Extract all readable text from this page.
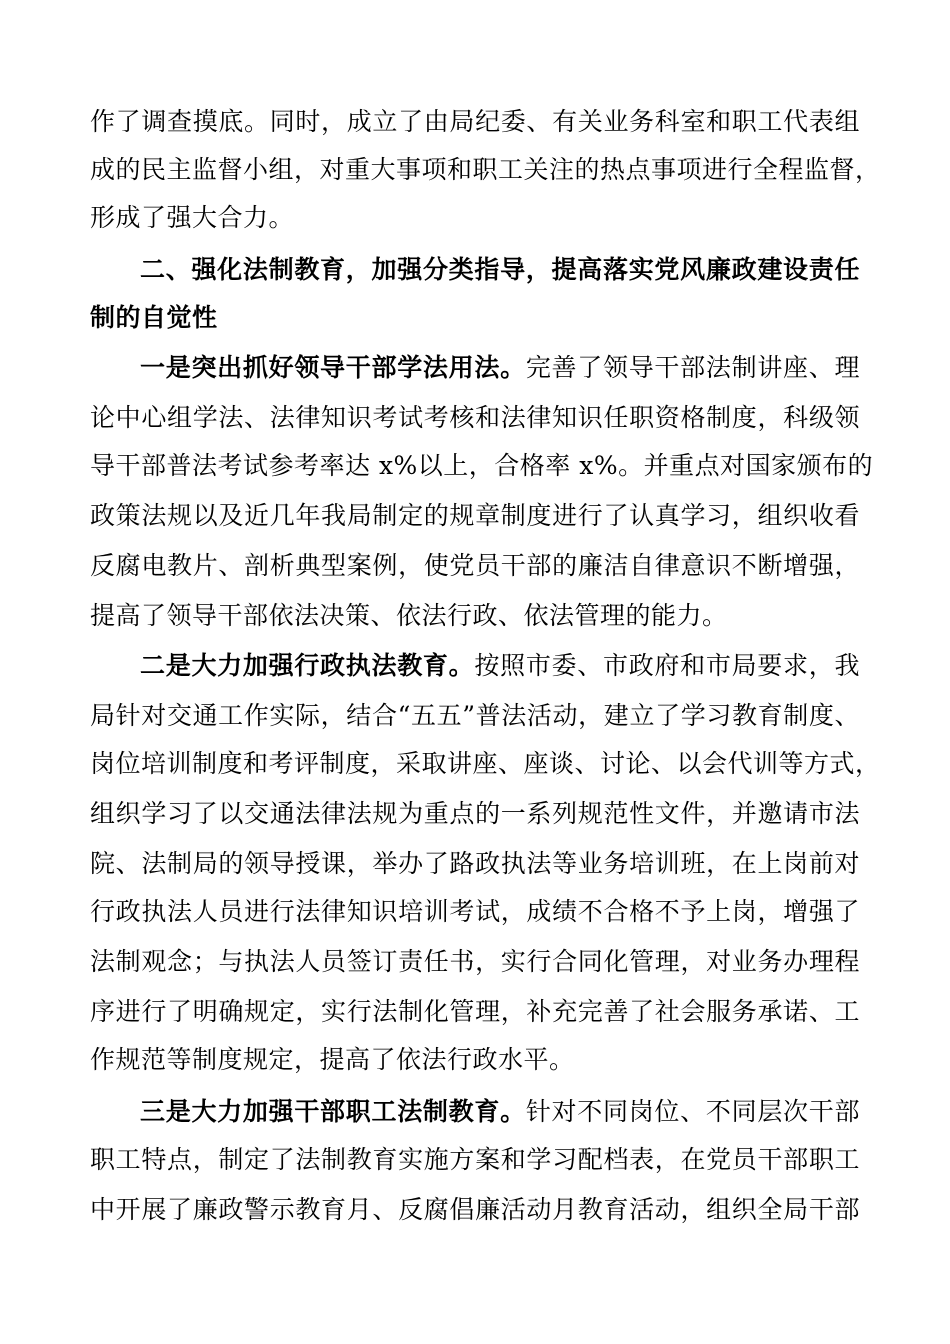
作了调查摸底。同时，成立了由局纪委、有关业务科室和职工代表组
成的民主监督小组，对重大事项和职工关注的热点事项进行全程监督，
形成了强大合力。
二、强化法制教育，加强分类指导，提高落实党风廉政建设责任
制的自觉性
一是突出抓好领导干部学法用法。完善了领导干部法制讲座、理
论中心组学法、法律知识考试考核和法律知识任职资格制度，科级领
导干部普法考试参考率达 x%以上，合格率 x%。并重点对国家颁布的
政策法规以及近几年我局制定的规章制度进行了认真学习，组织收看
反腐电教片、剖析典型案例，使党员干部的廉洁自律意识不断增强，
提高了领导干部依法决策、依法行政、依法管理的能力。
二是大力加强行政执法教育。按照市委、市政府和市局要求，我
局针对交通工作实际，结合“五五”普法活动，建立了学习教育制度、
岗位培训制度和考评制度，采取讲座、座谈、讨论、以会代训等方式，
组织学习了以交通法律法规为重点的一系列规范性文件，并邀请市法
院、法制局的领导授课，举办了路政执法等业务培训班，在上岗前对
行政执法人员进行法律知识培训考试，成绩不合格不予上岗，增强了
法制观念；与执法人员签订责任书，实行合同化管理，对业务办理程
序进行了明确规定，实行法制化管理，补充完善了社会服务承诺、工
作规范等制度规定，提高了依法行政水平。
三是大力加强干部职工法制教育。针对不同岗位、不同层次干部
职工特点，制定了法制教育实施方案和学习配档表，在党员干部职工
中开展了廉政警示教育月、反腐倡廉活动月教育活动，组织全局干部
